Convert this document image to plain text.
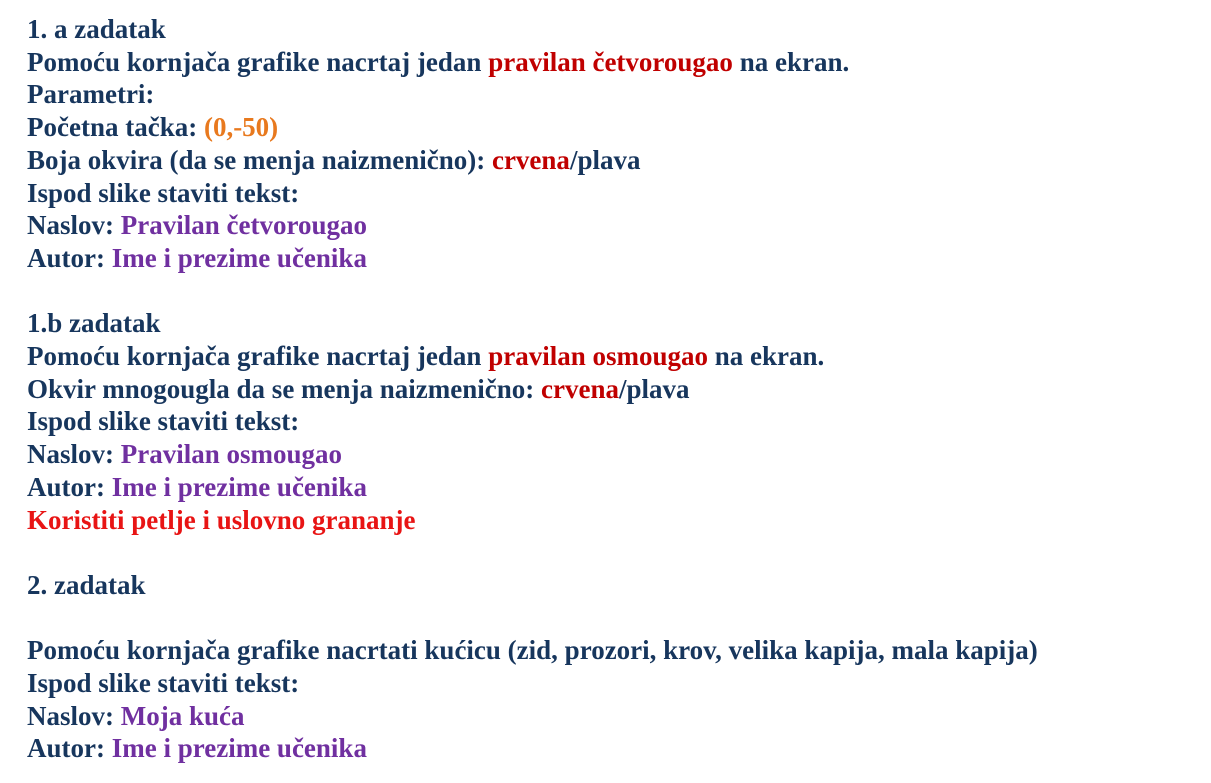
1. a zadatak

Pomoću kornjača grafike nacrtaj jedan pravilan četvorougao na ekran.

Parametri:

Početna tačka: (0,-50)

Boja okvira (da se menja naizmenično): crvena/plava

Ispod slike staviti tekst:

Naslov: Pravilan četvorougao

Autor: Ime i prezime učenika

1.b zadatak

Pomoću kornjača grafike nacrtaj jedan pravilan osmougao na ekran.

Okvir mnogougla da se menja naizmenično: crvena/plava

Ispod slike staviti tekst:

Naslov: Pravilan osmougao

Autor: Ime i prezime učenika

Koristiti petlje i uslovno grananje

2. zadatak

Pomoću kornjača grafike nacrtati kućicu (zid, prozori, krov, velika kapija, mala kapija)

Ispod slike staviti tekst:

Naslov: Moja kuća

Autor: Ime i prezime učenika
